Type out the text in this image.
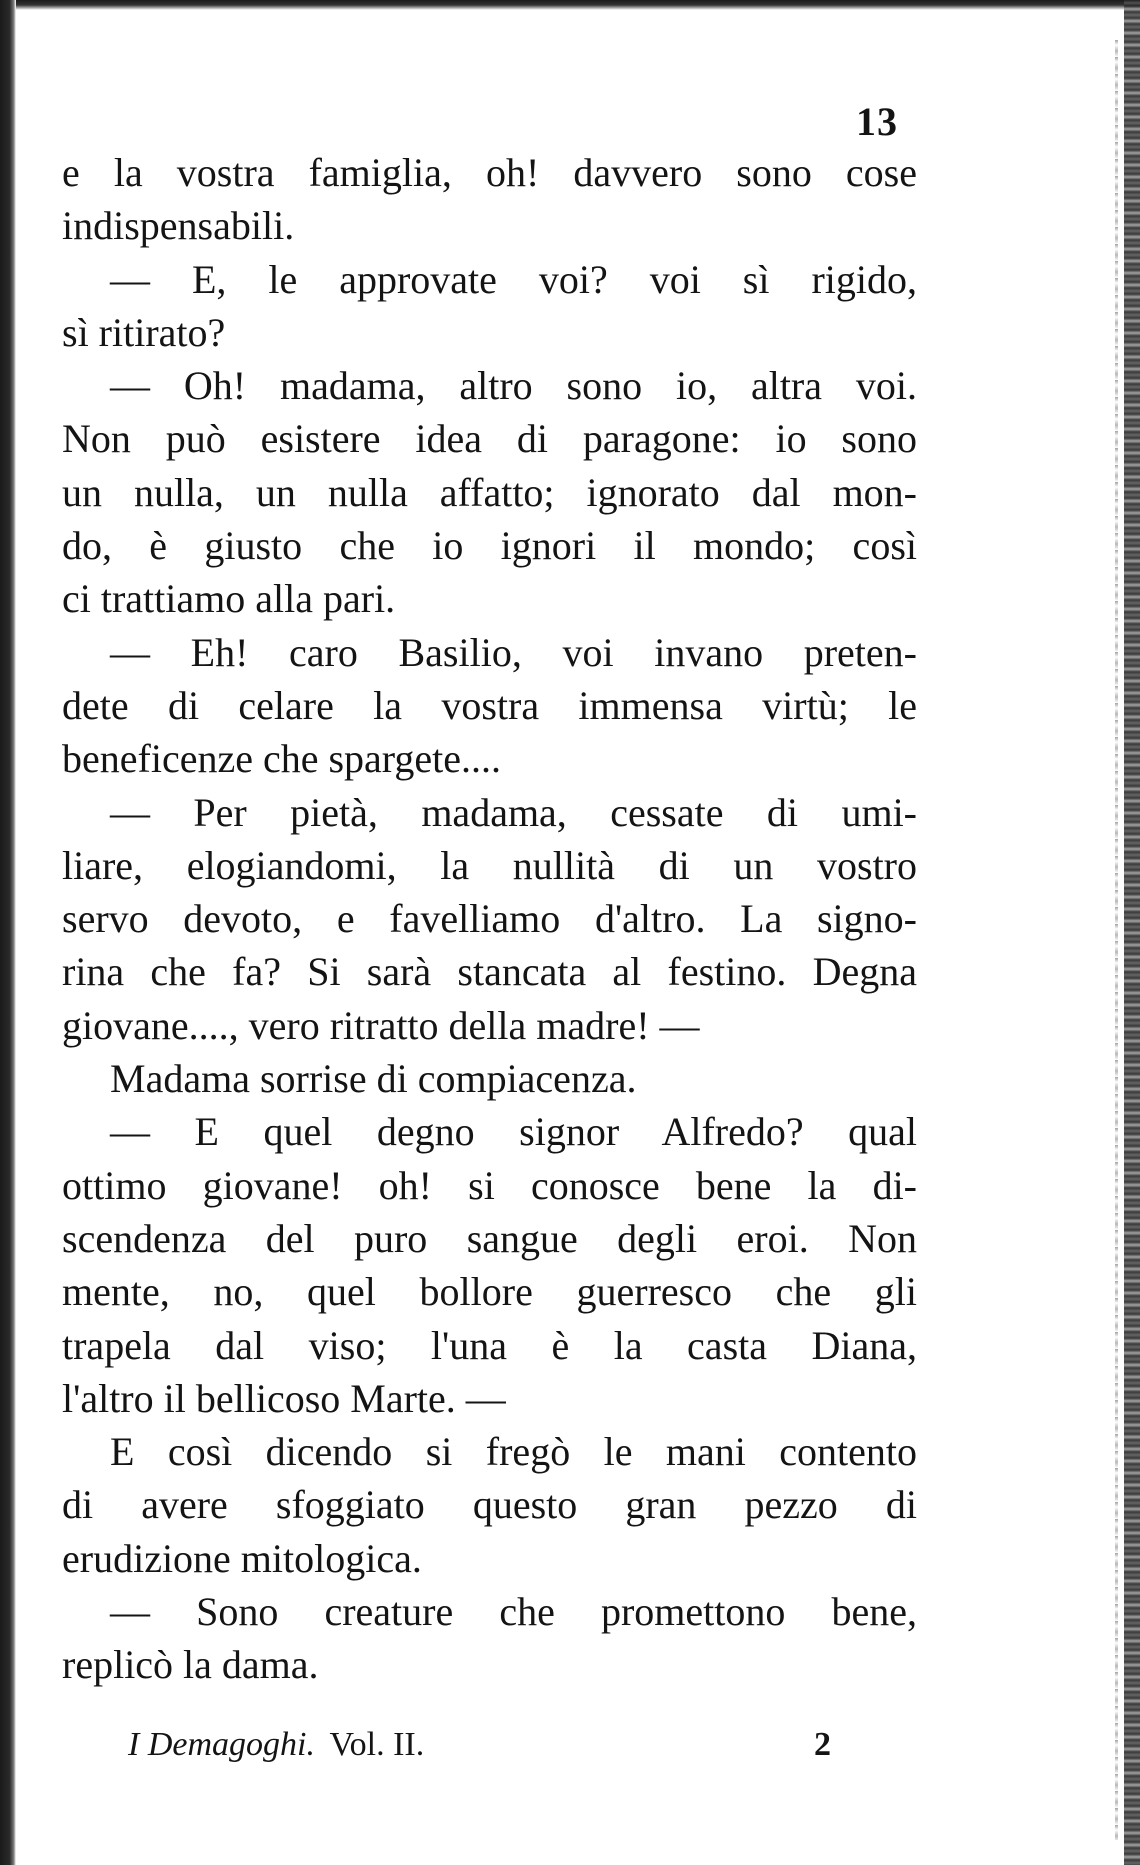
13
e la vostra famiglia, oh! davvero sono cose
indispensabili.
— E, le approvate voi? voi sì rigido,
sì ritirato?
— Oh! madama, altro sono io, altra voi.
Non può esistere idea di paragone: io sono
un nulla, un nulla affatto; ignorato dal mon-
do, è giusto che io ignori il mondo; così
ci trattiamo alla pari.
— Eh! caro Basilio, voi invano preten-
dete di celare la vostra immensa virtù; le
beneficenze che spargete....
— Per pietà, madama, cessate di umi-
liare, elogiandomi, la nullità di un vostro
servo devoto, e favelliamo d'altro. La signo-
rina che fa? Si sarà stancata al festino. Degna
giovane...., vero ritratto della madre! —
Madama sorrise di compiacenza.
— E quel degno signor Alfredo? qual
ottimo giovane! oh! si conosce bene la di-
scendenza del puro sangue degli eroi. Non
mente, no, quel bollore guerresco che gli
trapela dal viso; l'una è la casta Diana,
l'altro il bellicoso Marte. —
E così dicendo si fregò le mani contento
di avere sfoggiato questo gran pezzo di
erudizione mitologica.
— Sono creature che promettono bene,
replicò la dama.
I Demagoghi. Vol. II.	2
